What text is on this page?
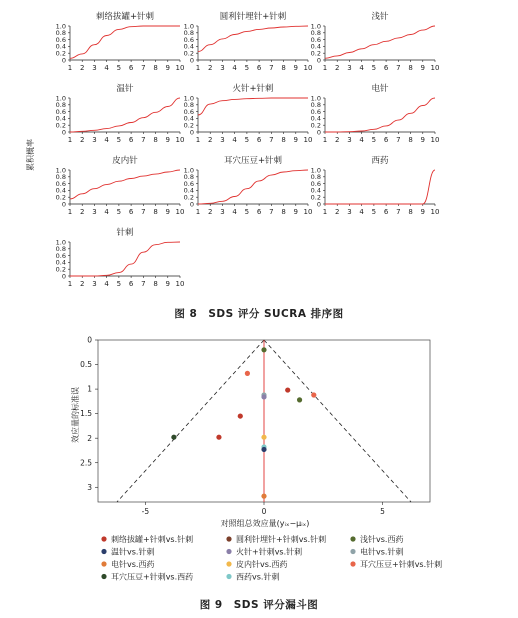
刺络拔罐+针刺
0
0.2
0.4
0.6
0.8
1.0
1 2 3 4 5 6 7 8 9 10
圆利针埋针+针刺
0
0.2
0.4
0.6
0.8
1.0
1 2 3 4 5 6 7 8 9 10
浅针
0
0.2
0.4
0.6
0.8
1.0
1 2 3 4 5 6 7 8 9 10
温针
0
0.2
0.4
0.6
0.8
1.0
1 2 3 4 5 6 7 8 9 10
火针+针刺
0
0.2
0.4
0.6
0.8
1.0
1 2 3 4 5 6 7 8 9 10
电针
0
0.2
0.4
0.6
0.8
1.0
1 2 3 4 5 6 7 8 9 10
皮内针
0
0.2
0.4
0.6
0.8
1.0
1 2 3 4 5 6 7 8 9 10
耳穴压豆+针刺
0
0.2
0.4
0.6
0.8
1.0
1 2 3 4 5 6 7 8 9 10
西药
0
0.2
0.4
0.6
0.8
1.0
1 2 3 4 5 6 7 8 9 10
针刺
0
0.2
0.4
0.6
0.8
1.0
1 2 3 4 5 6 7 8 9 10
累积概率
图 8　SDS 评分 SUCRA 排序图
0
0.5
1
1.5
2
2.5
3
-5	0	5
对照组总效应量(yᵢₓ−μᵢₓ)
效应量的标准误
刺络拔罐+针刺vs.针刺	圆利针埋针+针刺vs.针刺	浅针vs.西药
温针vs.针刺	火针+针刺vs.针刺	电针vs.针刺
电针vs.西药	皮内针vs.西药	耳穴压豆+针刺vs.针刺
耳穴压豆+针刺vs.西药	西药vs.针刺
图 9　SDS 评分漏斗图
